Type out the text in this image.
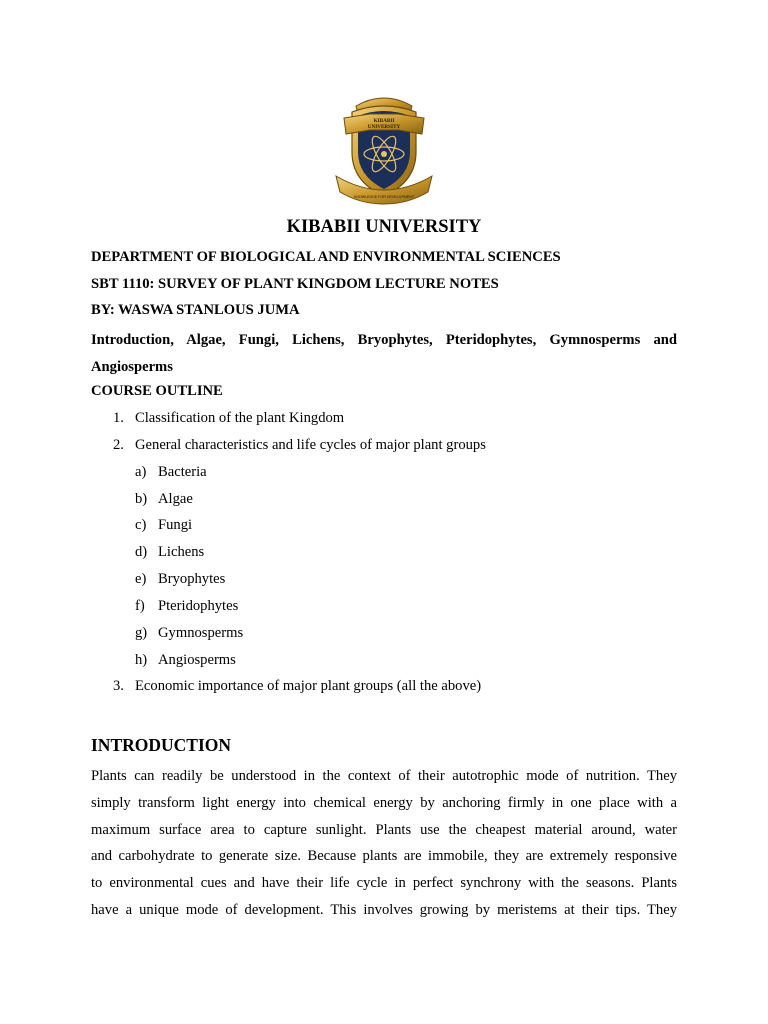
KIBABII
UNIVERSITY
KNOWLEDGE FOR DEVELOPMENT
KIBABII UNIVERSITY
DEPARTMENT OF BIOLOGICAL AND ENVIRONMENTAL SCIENCES
SBT 1110: SURVEY OF PLANT KINGDOM LECTURE NOTES
BY: WASWA STANLOUS JUMA
Introduction, Algae, Fungi, Lichens, Bryophytes, Pteridophytes, Gymnosperms and Angiosperms
COURSE OUTLINE
1. Classification of the plant Kingdom
2. General characteristics and life cycles of major plant groups
a) Bacteria
b) Algae
c) Fungi
d) Lichens
e) Bryophytes
f) Pteridophytes
g) Gymnosperms
h) Angiosperms
3. Economic importance of major plant groups (all the above)
INTRODUCTION
Plants can readily be understood in the context of their autotrophic mode of nutrition. They
simply transform light energy into chemical energy by anchoring firmly in one place with a
maximum surface area to capture sunlight. Plants use the cheapest material around, water
and carbohydrate to generate size. Because plants are immobile, they are extremely responsive
to environmental cues and have their life cycle in perfect synchrony with the seasons. Plants
have a unique mode of development. This involves growing by meristems at their tips. They
